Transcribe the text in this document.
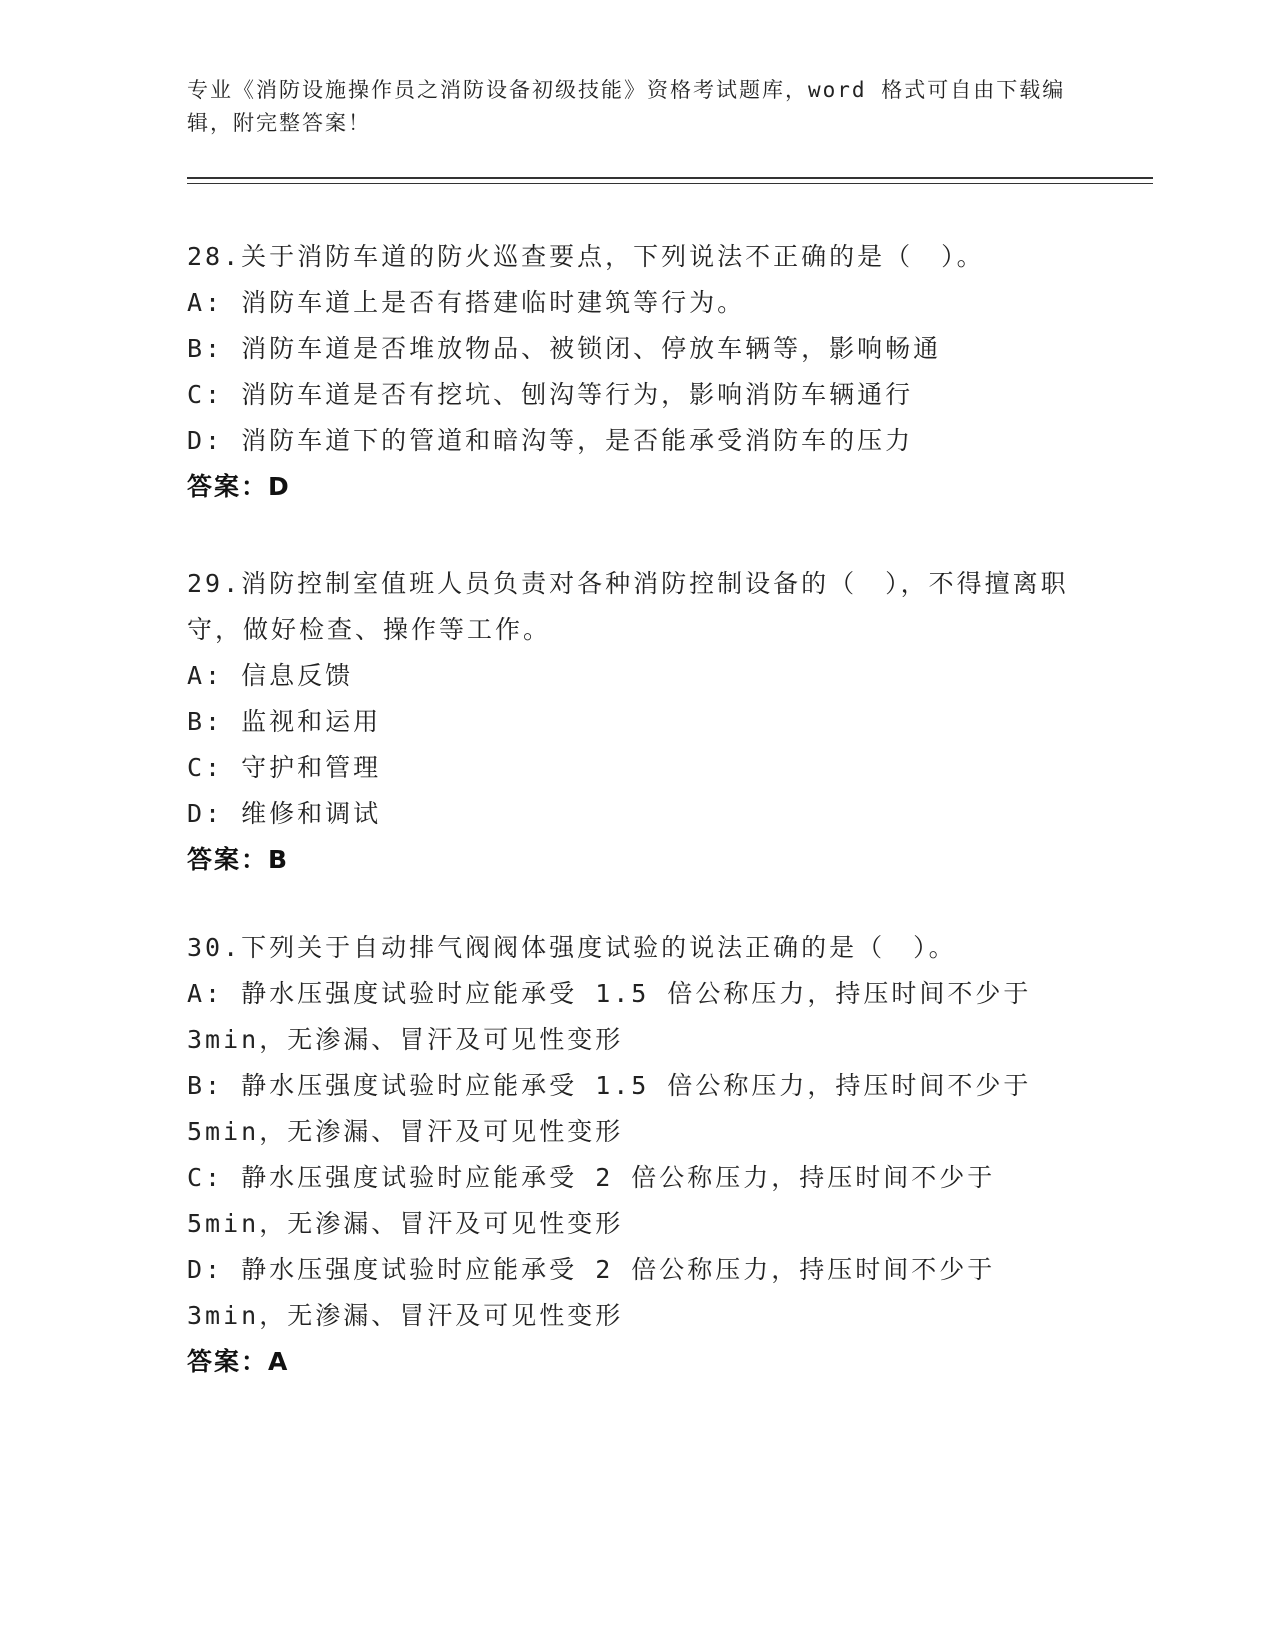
专业《消防设施操作员之消防设备初级技能》资格考试题库，word 格式可自由下载编辑，附完整答案！
28.关于消防车道的防火巡查要点，下列说法不正确的是（　）。
A: 消防车道上是否有搭建临时建筑等行为。
B: 消防车道是否堆放物品、被锁闭、停放车辆等，影响畅通
C: 消防车道是否有挖坑、刨沟等行为，影响消防车辆通行
D: 消防车道下的管道和暗沟等，是否能承受消防车的压力
答案：D
29.消防控制室值班人员负责对各种消防控制设备的（　），不得擅离职守，做好检查、操作等工作。
A: 信息反馈
B: 监视和运用
C: 守护和管理
D: 维修和调试
答案：B
30.下列关于自动排气阀阀体强度试验的说法正确的是（　）。
A: 静水压强度试验时应能承受 1.5 倍公称压力，持压时间不少于 3min，无渗漏、冒汗及可见性变形
B: 静水压强度试验时应能承受 1.5 倍公称压力，持压时间不少于 5min，无渗漏、冒汗及可见性变形
C: 静水压强度试验时应能承受 2 倍公称压力，持压时间不少于 5min，无渗漏、冒汗及可见性变形
D: 静水压强度试验时应能承受 2 倍公称压力，持压时间不少于 3min，无渗漏、冒汗及可见性变形
答案：A
